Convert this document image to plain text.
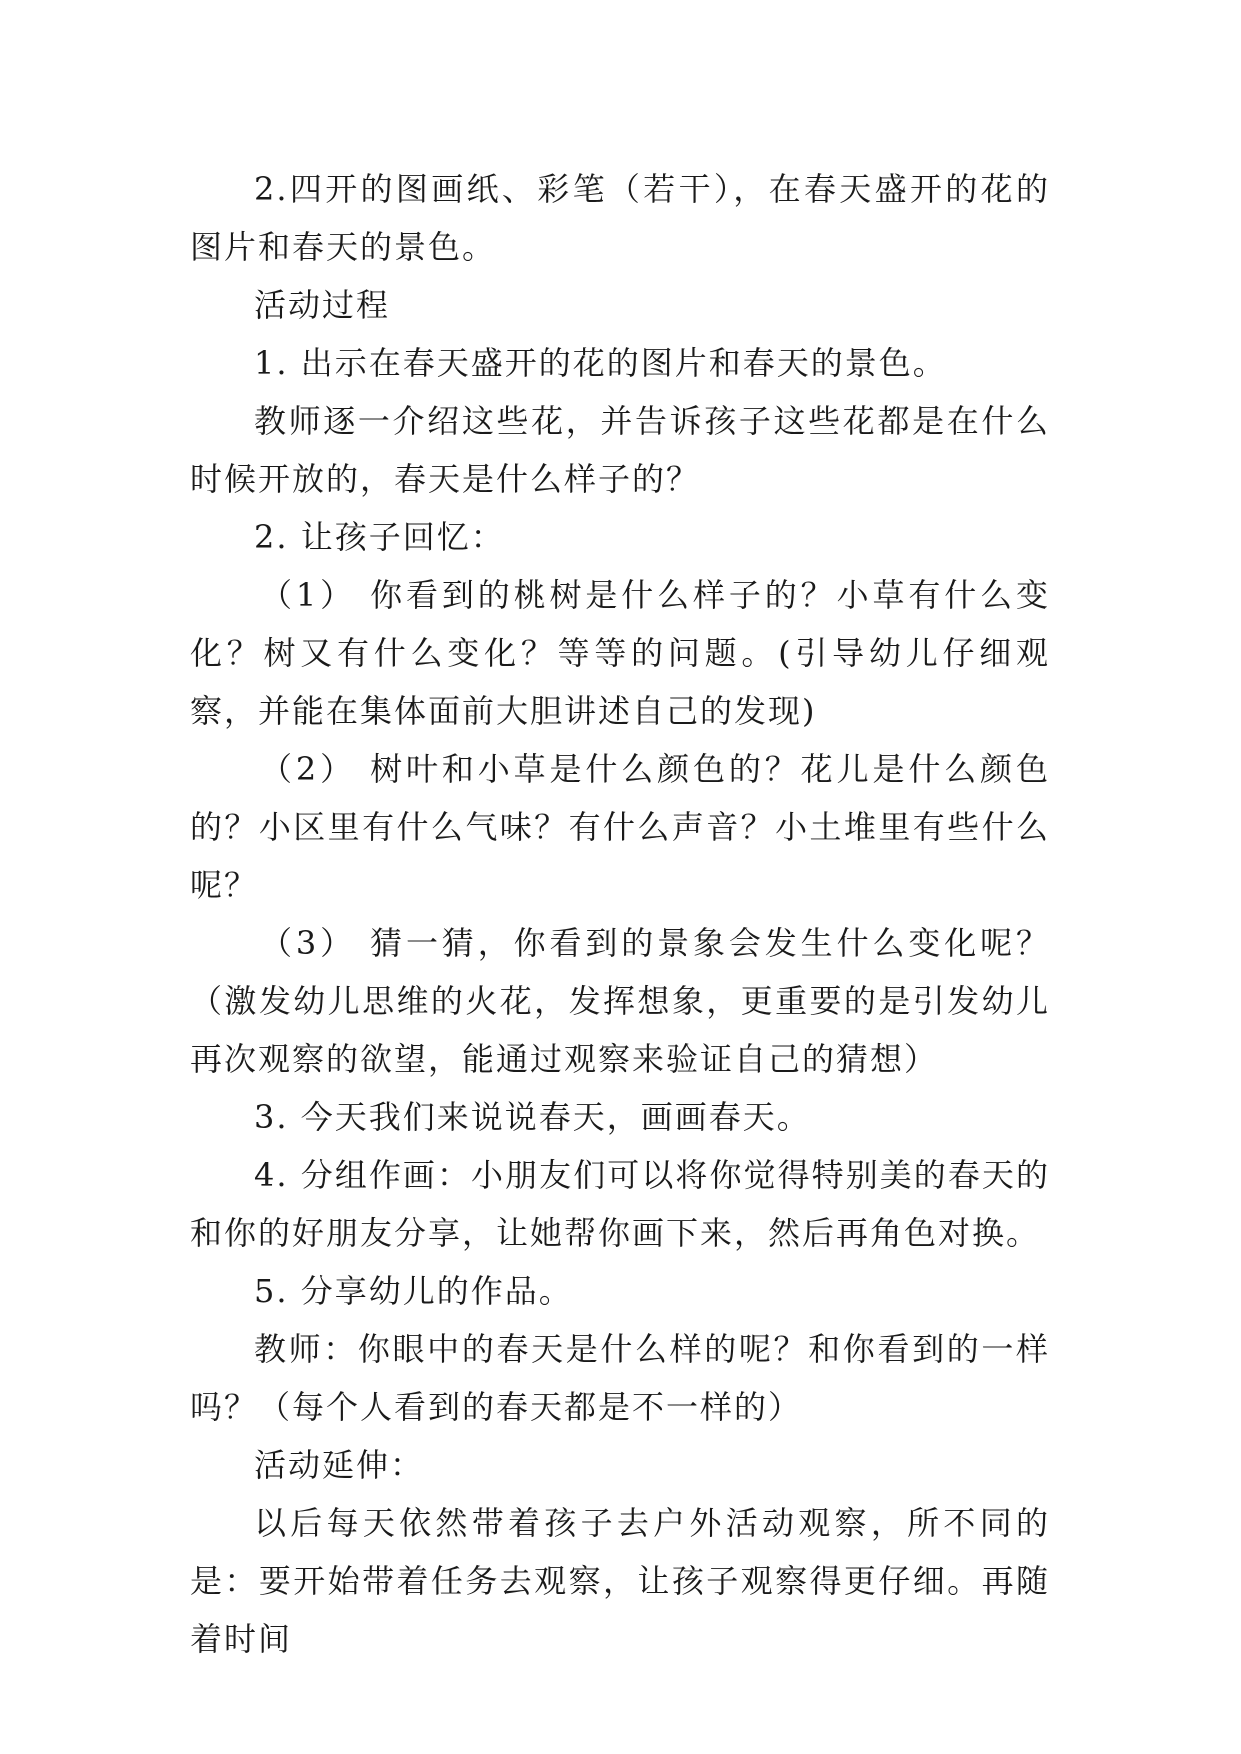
2.四开的图画纸、彩笔（若干），在春天盛开的花的图片和春天的景色。

活动过程

1. 出示在春天盛开的花的图片和春天的景色。

教师逐一介绍这些花，并告诉孩子这些花都是在什么时候开放的，春天是什么样子的？

2. 让孩子回忆：

（1） 你看到的桃树是什么样子的？小草有什么变化？树又有什么变化？等等的问题。(引导幼儿仔细观察，并能在集体面前大胆讲述自己的发现)

（2） 树叶和小草是什么颜色的？花儿是什么颜色的？小区里有什么气味？有什么声音？小土堆里有些什么呢？

（3） 猜一猜，你看到的景象会发生什么变化呢？（激发幼儿思维的火花，发挥想象，更重要的是引发幼儿再次观察的欲望，能通过观察来验证自己的猜想）

3. 今天我们来说说春天，画画春天。

4. 分组作画：小朋友们可以将你觉得特别美的春天的和你的好朋友分享，让她帮你画下来，然后再角色对换。

5. 分享幼儿的作品。

教师：你眼中的春天是什么样的呢？和你看到的一样吗？（每个人看到的春天都是不一样的）

活动延伸：

以后每天依然带着孩子去户外活动观察，所不同的是：要开始带着任务去观察，让孩子观察得更仔细。再随着时间
